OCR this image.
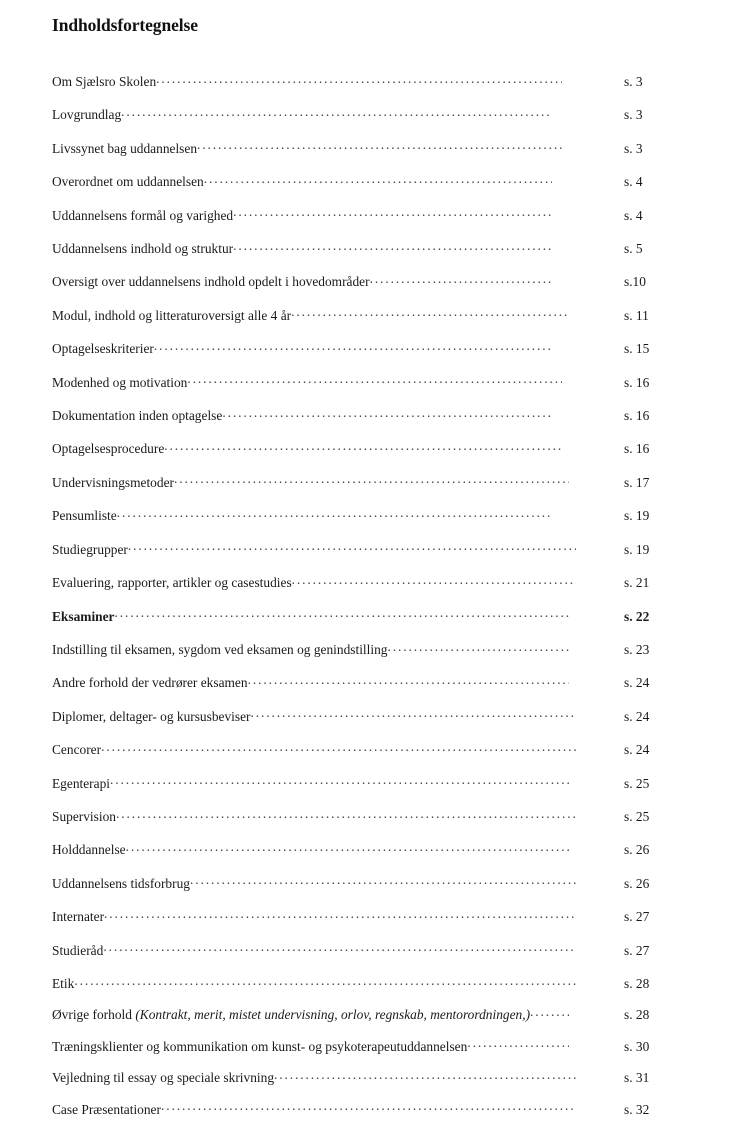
Indholdsfortegnelse
Om Sjælsro Skolen .....	s. 3
Lovgrundlag .....	s. 3
Livssynet bag uddannelsen .....	s. 3
Overordnet om uddannelsen .....	s. 4
Uddannelsens formål og varighed .....	s. 4
Uddannelsens indhold og struktur .....	s. 5
Oversigt over uddannelsens indhold opdelt i hovedområder .....	s.10
Modul, indhold og litteraturoversigt alle 4 år .....	s. 11
Optagelseskriterier .....	s. 15
Modenhed og motivation .....	s. 16
Dokumentation inden optagelse .....	s. 16
Optagelsesprocedure .....	s. 16
Undervisningsmetoder .....	s. 17
Pensumliste .....	s. 19
Studiegrupper .....	s. 19
Evaluering, rapporter, artikler og casestudies .....	s. 21
Eksaminer .....	s. 22
Indstilling til eksamen, sygdom ved eksamen og genindstilling .....	s. 23
Andre forhold der vedrører eksamen .....	s. 24
Diplomer, deltager- og kursusbeviser .....	s. 24
Cencorer .....	s. 24
Egenterapi .....	s. 25
Supervision .....	s. 25
Holddannelse .....	s. 26
Uddannelsens tidsforbrug .....	s. 26
Internater .....	s. 27
Studieråd .....	s. 27
Etik .....	s. 28
Øvrige forhold (Kontrakt, merit, mistet undervisning, orlov, regnskab, mentorordningen,) .....	s. 28
Træningsklienter og kommunikation om kunst- og psykoterapeutuddannelsen .....	s. 30
Vejledning til essay og speciale skrivning .....	s. 31
Case Præsentationer .....	s. 32
